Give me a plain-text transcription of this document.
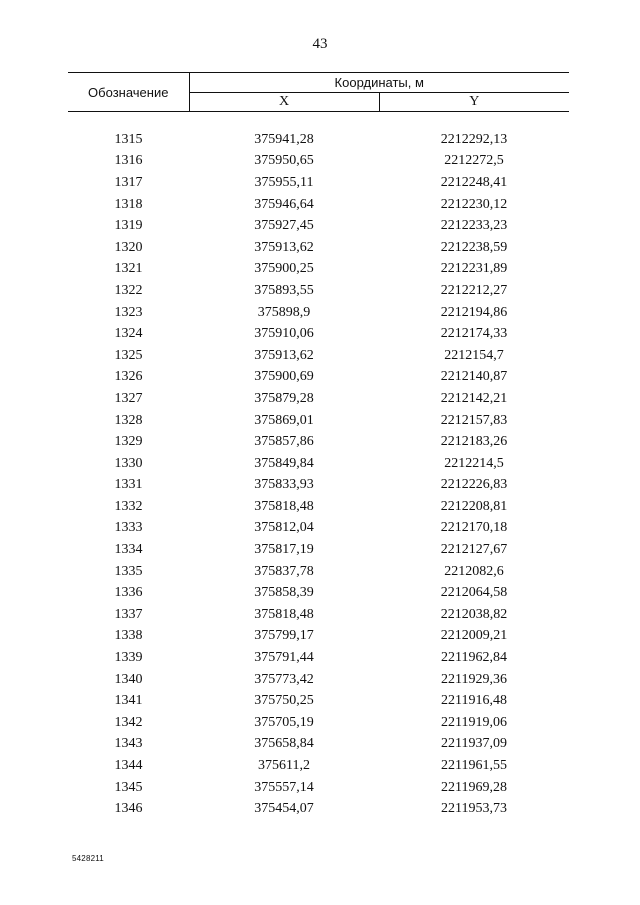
43
Обозначение	Координаты, м	
	X	Y

1315	375941,28	2212292,13
1316	375950,65	2212272,5
1317	375955,11	2212248,41
1318	375946,64	2212230,12
1319	375927,45	2212233,23
1320	375913,62	2212238,59
1321	375900,25	2212231,89
1322	375893,55	2212212,27
1323	375898,9	2212194,86
1324	375910,06	2212174,33
1325	375913,62	2212154,7
1326	375900,69	2212140,87
1327	375879,28	2212142,21
1328	375869,01	2212157,83
1329	375857,86	2212183,26
1330	375849,84	2212214,5
1331	375833,93	2212226,83
1332	375818,48	2212208,81
1333	375812,04	2212170,18
1334	375817,19	2212127,67
1335	375837,78	2212082,6
1336	375858,39	2212064,58
1337	375818,48	2212038,82
1338	375799,17	2212009,21
1339	375791,44	2211962,84
1340	375773,42	2211929,36
1341	375750,25	2211916,48
1342	375705,19	2211919,06
1343	375658,84	2211937,09
1344	375611,2	2211961,55
1345	375557,14	2211969,28
1346	375454,07	2211953,73
5428211
